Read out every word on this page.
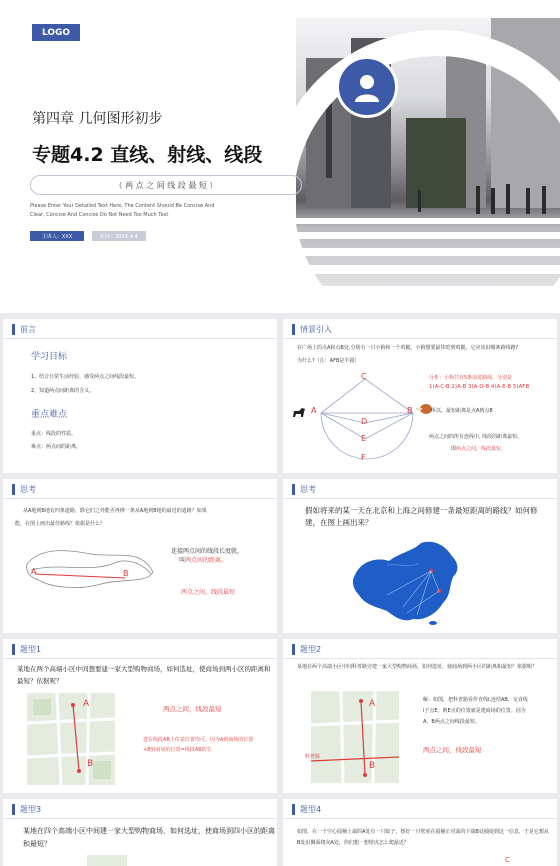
LOGO
第四章 几何图形初步
专题4.2 直线、射线、线段
（ 两 点 之 间 线 段 最 短 ）
Please Enter Your Detailed Text Here, The Content Should Be Concise And
Clear, Concise And Concise Do Not Need Too Much Text
主讲人：XXX	时间：20XX.4.4
前言
学习目标
1、结合日常生活经验，感受两点之间线段最短。
2、知道两点间距离的含义。
重点难点
重点：线段的性质。
难点：两点间的距离。
情景引入
在广场上的点A和点B处,分别有一只小狗和一个鸡腿，小狗想要最快吃到鸡腿，它应该沿哪条路线跑?
为什么?（注：AFB是半圆）
C
A	B
D
E
F
分析：小狗共有5条前进路线，分别是
1)A-C-B 2)A-B 3)A-D-B 4)A-E-B 5)AFB
所以，最短距离是点A到点B
两点之间的所有连线中, 线段的距离最短。
即两点之间，线段最短。
思考
从A地到B地有四条道路，除它们之外能否再修一条从A地到B地的最近的道路？如果
能，在图上画出最佳路线？依据是什么？
A	B
连接两点间的线段长度就，
叫两点间的距离。
两点之间，线段最短
思考
假如将来的某一天在北京和上海之间修建一条最短距离的路线？如何修建，在图上画出来？
题型1
某地在两个高端小区中间想要建一家大型购物商场，如何选址，使商场到两小区的距离和最短？依据呢？
A
B
两点之间，线段最短
建在线段AB上任意位置均可。因为A到商场的位置+B到商场的位置=线段AB的长
题型2
某地在两个高端小区中间科普路旁建一家大型购物商场，如何选址，使商场到两小区的距离和最短？依据呢？
A
B
科普路
解：如图，把科普路看作直线l,连结AB，交直线l于点E，则E点的位置就是建商场的位置。因为A、B两点之间线段最短。
两点之间，线段最短
题型3
某地在四个高端小区中间建一家大型购物商场，如何选址，使商场到四小区的距离和最短？
题型4
如图，在一个空心圆桶上端的A处有一只蚊子，想好一只壁虎在圆桶正对面的下端B处捕捉到这一信息，于是它想从B处沿侧面爬向A处，你们想一想壁虎怎么爬最近？
C
